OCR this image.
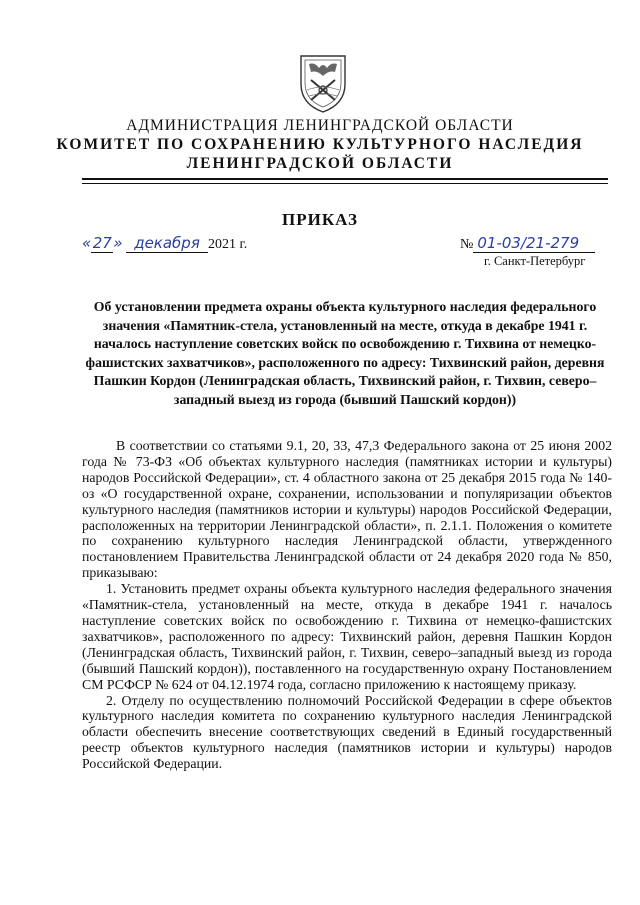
АДМИНИСТРАЦИЯ ЛЕНИНГРАДСКОЙ ОБЛАСТИ
КОМИТЕТ ПО СОХРАНЕНИЮ КУЛЬТУРНОГО НАСЛЕДИЯ
ЛЕНИНГРАДСКОЙ ОБЛАСТИ
ПРИКАЗ
«27» декабря 2021 г.	№ 01-03/21-279
г. Санкт-Петербург
Об установлении предмета охраны объекта культурного наследия федерального значения «Памятник-стела, установленный на месте, откуда в декабре 1941 г. началось наступление советских войск по освобождению г. Тихвина от немецко-фашистских захватчиков», расположенного по адресу: Тихвинский район, деревня Пашкин Кордон (Ленинградская область, Тихвинский район, г. Тихвин, северо–западный выезд из города (бывший Пашский кордон))

В соответствии со статьями 9.1, 20, 33, 47,3 Федерального закона от 25 июня 2002 года № 73-ФЗ «Об объектах культурного наследия (памятниках истории и культуры) народов Российской Федерации», ст. 4 областного закона от 25 декабря 2015 года № 140-оз «О государственной охране, сохранении, использовании и популяризации объектов культурного наследия (памятников истории и культуры) народов Российской Федерации, расположенных на территории Ленинградской области», п. 2.1.1. Положения о комитете по сохранению культурного наследия Ленинградской области, утвержденного постановлением Правительства Ленинградской области от 24 декабря 2020 года № 850, приказываю:

1. Установить предмет охраны объекта культурного наследия федерального значения «Памятник-стела, установленный на месте, откуда в декабре 1941 г. началось наступление советских войск по освобождению г. Тихвина от немецко-фашистских захватчиков», расположенного по адресу: Тихвинский район, деревня Пашкин Кордон (Ленинградская область, Тихвинский район, г. Тихвин, северо–западный выезд из города (бывший Пашский кордон)), поставленного на государственную охрану Постановлением СМ РСФСР № 624 от 04.12.1974 года, согласно приложению к настоящему приказу.

2. Отделу по осуществлению полномочий Российской Федерации в сфере объектов культурного наследия комитета по сохранению культурного наследия Ленинградской области обеспечить внесение соответствующих сведений в Единый государственный реестр объектов культурного наследия (памятников истории и культуры) народов Российской Федерации.
